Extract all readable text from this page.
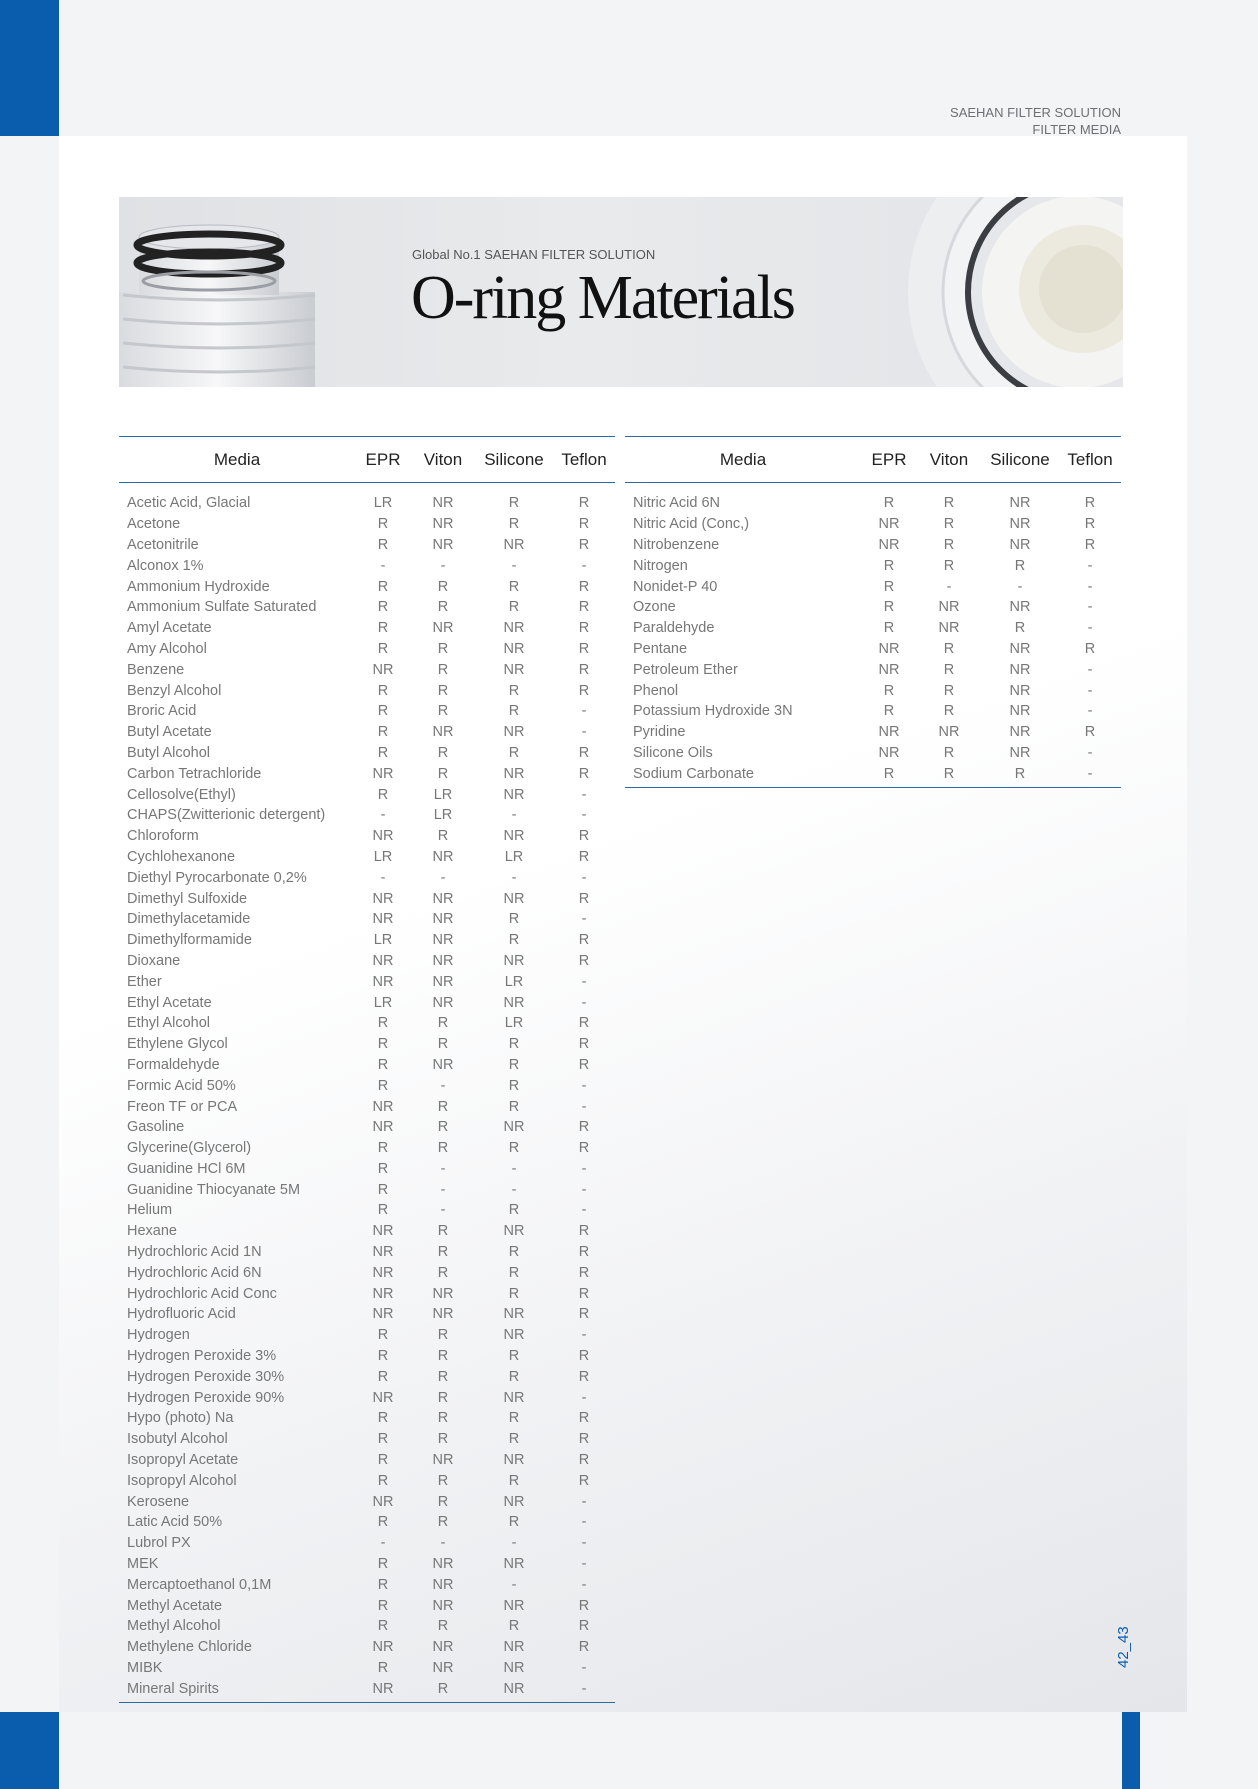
42_43
SAEHAN FILTER SOLUTION
FILTER MEDIA
Global No.1 SAEHAN FILTER SOLUTION
O-ring Materials
Media	EPR	Viton	Silicone	Teflon
Acetic Acid, Glacial	LR	NR	R	R
Acetone	R	NR	R	R
Acetonitrile	R	NR	NR	R
Alconox 1%	-	-	-	-
Ammonium Hydroxide	R	R	R	R
Ammonium Sulfate Saturated	R	R	R	R
Amyl Acetate	R	NR	NR	R
Amy Alcohol	R	R	NR	R
Benzene	NR	R	NR	R
Benzyl Alcohol	R	R	R	R
Broric Acid	R	R	R	-
Butyl Acetate	R	NR	NR	-
Butyl Alcohol	R	R	R	R
Carbon Tetrachloride	NR	R	NR	R
Cellosolve(Ethyl)	R	LR	NR	-
CHAPS(Zwitterionic detergent)	-	LR	-	-
Chloroform	NR	R	NR	R
Cychlohexanone	LR	NR	LR	R
Diethyl Pyrocarbonate 0,2%	-	-	-	-
Dimethyl Sulfoxide	NR	NR	NR	R
Dimethylacetamide	NR	NR	R	-
Dimethylformamide	LR	NR	R	R
Dioxane	NR	NR	NR	R
Ether	NR	NR	LR	-
Ethyl Acetate	LR	NR	NR	-
Ethyl Alcohol	R	R	LR	R
Ethylene Glycol	R	R	R	R
Formaldehyde	R	NR	R	R
Formic Acid 50%	R	-	R	-
Freon TF or PCA	NR	R	R	-
Gasoline	NR	R	NR	R
Glycerine(Glycerol)	R	R	R	R
Guanidine HCl 6M	R	-	-	-
Guanidine Thiocyanate 5M	R	-	-	-
Helium	R	-	R	-
Hexane	NR	R	NR	R
Hydrochloric Acid 1N	NR	R	R	R
Hydrochloric Acid 6N	NR	R	R	R
Hydrochloric Acid Conc	NR	NR	R	R
Hydrofluoric Acid	NR	NR	NR	R
Hydrogen	R	R	NR	-
Hydrogen Peroxide 3%	R	R	R	R
Hydrogen Peroxide 30%	R	R	R	R
Hydrogen Peroxide 90%	NR	R	NR	-
Hypo (photo) Na	R	R	R	R
Isobutyl Alcohol	R	R	R	R
Isopropyl Acetate	R	NR	NR	R
Isopropyl Alcohol	R	R	R	R
Kerosene	NR	R	NR	-
Latic Acid 50%	R	R	R	-
Lubrol PX	-	-	-	-
MEK	R	NR	NR	-
Mercaptoethanol 0,1M	R	NR	-	-
Methyl Acetate	R	NR	NR	R
Methyl Alcohol	R	R	R	R
Methylene Chloride	NR	NR	NR	R
MIBK	R	NR	NR	-
Mineral Spirits	NR	R	NR	-
Media	EPR	Viton	Silicone	Teflon
Nitric Acid 6N	R	R	NR	R
Nitric Acid (Conc,)	NR	R	NR	R
Nitrobenzene	NR	R	NR	R
Nitrogen	R	R	R	-
Nonidet-P 40	R	-	-	-
Ozone	R	NR	NR	-
Paraldehyde	R	NR	R	-
Pentane	NR	R	NR	R
Petroleum Ether	NR	R	NR	-
Phenol	R	R	NR	-
Potassium Hydroxide 3N	R	R	NR	-
Pyridine	NR	NR	NR	R
Silicone Oils	NR	R	NR	-
Sodium Carbonate	R	R	R	-
